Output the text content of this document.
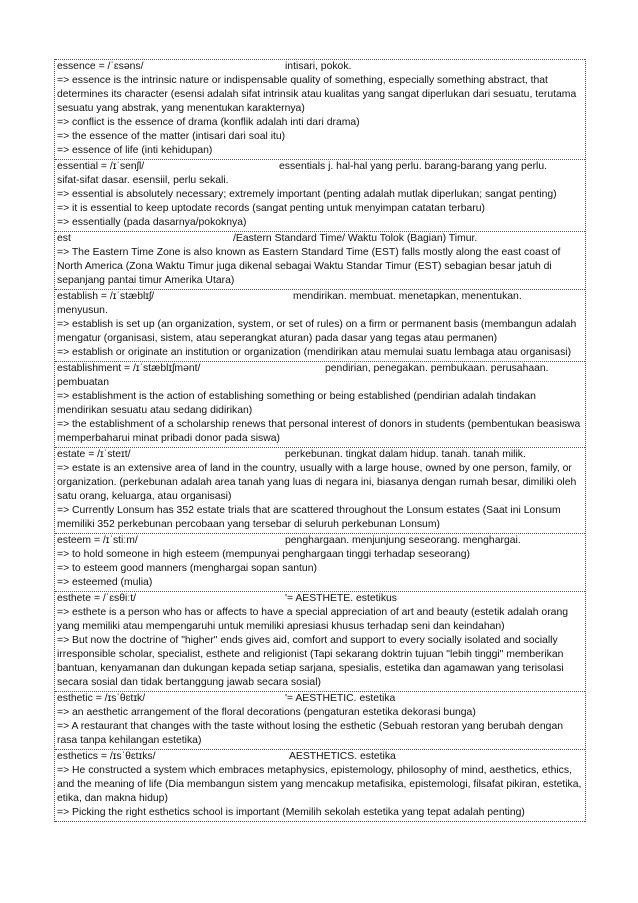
essence = /ˈɛsəns/	intisari, pokok.
=> essence is the intrinsic nature or indispensable quality of something, especially something abstract, that determines its character (esensi adalah sifat intrinsik atau kualitas yang sangat diperlukan dari sesuatu, terutama sesuatu yang abstrak, yang menentukan karakternya)
=> conflict is the essence of drama (konflik adalah inti dari drama)
=> the essence of the matter (intisari dari soal itu)
=> essence of life (inti kehidupan)
essential = /ɪˈsenʃl/	essentials j. hal-hal yang perlu. barang-barang yang perlu.
sifat-sifat dasar. esensiil, perlu sekali.
=> essential is absolutely necessary; extremely important (penting adalah mutlak diperlukan; sangat penting)
=> it is essential to keep uptodate records (sangat penting untuk menyimpan catatan terbaru)
=> essentially (pada dasarnya/pokoknya)
est	/Eastern Standard Time/ Waktu Tolok (Bagian) Timur.
=> The Eastern Time Zone is also known as Eastern Standard Time (EST) falls mostly along the east coast of North America (Zona Waktu Timur juga dikenal sebagai Waktu Standar Timur (EST) sebagian besar jatuh di sepanjang pantai timur Amerika Utara)
establish = /ɪˈstæblɪʃ/	mendirikan. membuat. menetapkan, menentukan.
menyusun.
=> establish is set up (an organization, system, or set of rules) on a firm or permanent basis (membangun adalah mengatur (organisasi, sistem, atau seperangkat aturan) pada dasar yang tegas atau permanen)
=> establish or originate an institution or organization (mendirikan atau memulai suatu lembaga atau organisasi)
establishment = /ɪˈstæblɪʃmənt/	pendirian, penegakan. pembukaan. perusahaan.
pembuatan
=> establishment is the action of establishing something or being established (pendirian adalah tindakan mendirikan sesuatu atau sedang didirikan)
=> the establishment of a scholarship renews that personal interest of donors in students (pembentukan beasiswa memperbaharui minat pribadi donor pada siswa)
estate = /ɪˈsteɪt/	perkebunan. tingkat dalam hidup. tanah. tanah milik.
=> estate is an extensive area of land in the country, usually with a large house, owned by one person, family, or organization. (perkebunan adalah area tanah yang luas di negara ini, biasanya dengan rumah besar, dimiliki oleh satu orang, keluarga, atau organisasi)
=> Currently Lonsum has 352 estate trials that are scattered throughout the Lonsum estates (Saat ini Lonsum memiliki 352 perkebunan percobaan yang tersebar di seluruh perkebunan Lonsum)
esteem = /ɪˈstiːm/	penghargaan. menjunjung seseorang. menghargai.
=> to hold someone in high esteem (mempunyai penghargaan tinggi terhadap seseorang)
=> to esteem good manners (menghargai sopan santun)
=> esteemed (mulia)
esthete = /ˈɛsθiːt/	'= AESTHETE. estetikus
=> esthete is a person who has or affects to have a special appreciation of art and beauty (estetik adalah orang yang memiliki atau mempengaruhi untuk memiliki apresiasi khusus terhadap seni dan keindahan)
=> But now the doctrine of "higher" ends gives aid, comfort and support to every socially isolated and socially irresponsible scholar, specialist, esthete and religionist (Tapi sekarang doktrin tujuan "lebih tinggi" memberikan bantuan, kenyamanan dan dukungan kepada setiap sarjana, spesialis, estetika dan agamawan yang terisolasi secara sosial dan tidak bertanggung jawab secara sosial)
esthetic = /ɪsˈθɛtɪk/	'= AESTHETIC. estetika
=> an aesthetic arrangement of the floral decorations (pengaturan estetika dekorasi bunga)
=> A restaurant that changes with the taste without losing the esthetic (Sebuah restoran yang berubah dengan rasa tanpa kehilangan estetika)
esthetics = /ɪsˈθɛtɪks/	AESTHETICS. estetika
=> He constructed a system which embraces metaphysics, epistemology, philosophy of mind, aesthetics, ethics, and the meaning of life (Dia membangun sistem yang mencakup metafisika, epistemologi, filsafat pikiran, estetika, etika, dan makna hidup)
=> Picking the right esthetics school is important (Memilih sekolah estetika yang tepat adalah penting)
